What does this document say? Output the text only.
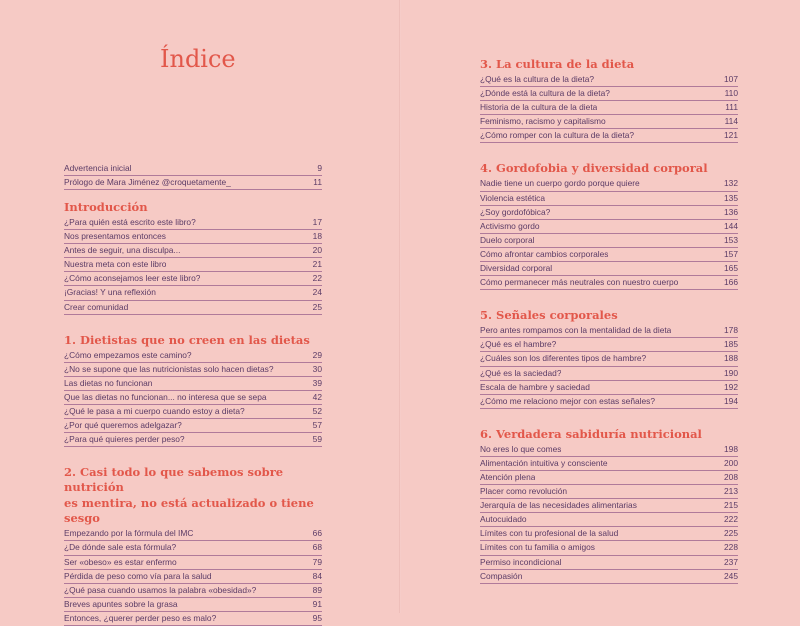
Índice
Advertencia inicial	9
Prólogo de Mara Jiménez @croquetamente_	11
Introducción
¿Para quién está escrito este libro?	17
Nos presentamos entonces	18
Antes de seguir, una disculpa...	20
Nuestra meta con este libro	21
¿Cómo aconsejamos leer este libro?	22
¡Gracias! Y una reflexión	24
Crear comunidad	25
1. Dietistas que no creen en las dietas
¿Cómo empezamos este camino?	29
¿No se supone que las nutricionistas solo hacen dietas?	30
Las dietas no funcionan	39
Que las dietas no funcionan... no interesa que se sepa	42
¿Qué le pasa a mi cuerpo cuando estoy a dieta?	52
¿Por qué queremos adelgazar?	57
¿Para qué quieres perder peso?	59
2. Casi todo lo que sabemos sobre nutrición
es mentira, no está actualizado o tiene sesgo
Empezando por la fórmula del IMC	66
¿De dónde sale esta fórmula?	68
Ser «obeso» es estar enfermo	79
Pérdida de peso como vía para la salud	84
¿Qué pasa cuando usamos la palabra «obesidad»?	89
Breves apuntes sobre la grasa	91
Entonces, ¿querer perder peso es malo?	95
3. La cultura de la dieta
¿Qué es la cultura de la dieta?	107
¿Dónde está la cultura de la dieta?	110
Historia de la cultura de la dieta	111
Feminismo, racismo y capitalismo	114
¿Cómo romper con la cultura de la dieta?	121
4. Gordofobia y diversidad corporal
Nadie tiene un cuerpo gordo porque quiere	132
Violencia estética	135
¿Soy gordofóbica?	136
Activismo gordo	144
Duelo corporal	153
Cómo afrontar cambios corporales	157
Diversidad corporal	165
Cómo permanecer más neutrales con nuestro cuerpo	166
5. Señales corporales
Pero antes rompamos con la mentalidad de la dieta	178
¿Qué es el hambre?	185
¿Cuáles son los diferentes tipos de hambre?	188
¿Qué es la saciedad?	190
Escala de hambre y saciedad	192
¿Cómo me relaciono mejor con estas señales?	194
6. Verdadera sabiduría nutricional
No eres lo que comes	198
Alimentación intuitiva y consciente	200
Atención plena	208
Placer como revolución	213
Jerarquía de las necesidades alimentarias	215
Autocuidado	222
Límites con tu profesional de la salud	225
Límites con tu familia o amigos	228
Permiso incondicional	237
Compasión	245
